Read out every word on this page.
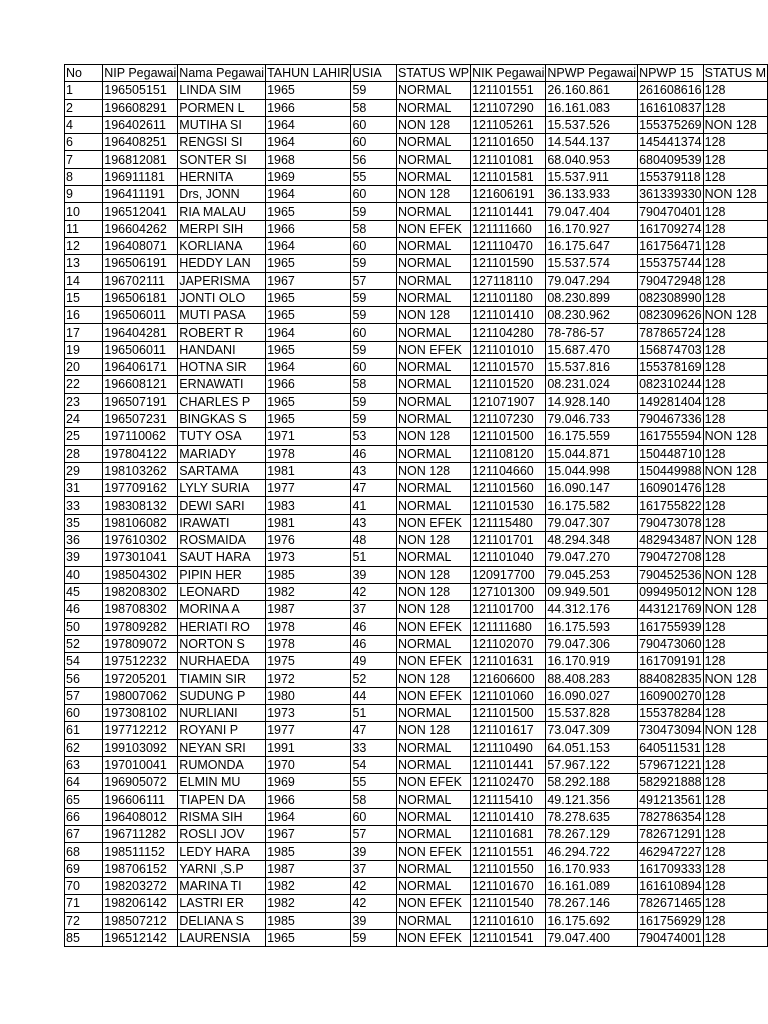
No	NIP Pegawai	Nama Pegawai	TAHUN LAHIR	USIA	STATUS WP	NIK Pegawai	NPWP Pegawai	NPWP 15	STATUS M
1	196505151	LINDA SIM	1965	59	NORMAL	121101551	26.160.861	261608616	128
2	196608291	PORMEN L	1966	58	NORMAL	121107290	16.161.083	161610837	128
4	196402611	MUTIHA SI	1964	60	NON 128	121105261	15.537.526	155375269	NON 128
6	196408251	RENGSI SI	1964	60	NORMAL	121101650	14.544.137	145441374	128
7	196812081	SONTER SI	1968	56	NORMAL	121101081	68.040.953	680409539	128
8	196911181	HERNITA	1969	55	NORMAL	121101581	15.537.911	155379118	128
9	196411191	Drs, JONN	1964	60	NON 128	121606191	36.133.933	361339330	NON 128
10	196512041	RIA MALAU	1965	59	NORMAL	121101441	79.047.404	790470401	128
11	196604262	MERPI SIH	1966	58	NON EFEK	121111660	16.170.927	161709274	128
12	196408071	KORLIANA	1964	60	NORMAL	121110470	16.175.647	161756471	128
13	196506191	HEDDY LAN	1965	59	NORMAL	121101590	15.537.574	155375744	128
14	196702111	JAPERISMA	1967	57	NORMAL	127118110	79.047.294	790472948	128
15	196506181	JONTI OLO	1965	59	NORMAL	121101180	08.230.899	082308990	128
16	196506011	MUTI PASA	1965	59	NON 128	121101410	08.230.962	082309626	NON 128
17	196404281	ROBERT R	1964	60	NORMAL	121104280	78-786-57	787865724	128
19	196506011	HANDANI	1965	59	NON EFEK	121101010	15.687.470	156874703	128
20	196406171	HOTNA SIR	1964	60	NORMAL	121101570	15.537.816	155378169	128
22	196608121	ERNAWATI	1966	58	NORMAL	121101520	08.231.024	082310244	128
23	196507191	CHARLES P	1965	59	NORMAL	121071907	14.928.140	149281404	128
24	196507231	BINGKAS S	1965	59	NORMAL	121107230	79.046.733	790467336	128
25	197110062	TUTY OSA	1971	53	NON 128	121101500	16.175.559	161755594	NON 128
28	197804122	MARIADY	1978	46	NORMAL	121108120	15.044.871	150448710	128
29	198103262	SARTAMA	1981	43	NON 128	121104660	15.044.998	150449988	NON 128
31	197709162	LYLY SURIA	1977	47	NORMAL	121101560	16.090.147	160901476	128
33	198308132	DEWI SARI	1983	41	NORMAL	121101530	16.175.582	161755822	128
35	198106082	IRAWATI	1981	43	NON EFEK	121115480	79.047.307	790473078	128
36	197610302	ROSMAIDA	1976	48	NON 128	121101701	48.294.348	482943487	NON 128
39	197301041	SAUT HARA	1973	51	NORMAL	121101040	79.047.270	790472708	128
40	198504302	PIPIN HER	1985	39	NON 128	120917700	79.045.253	790452536	NON 128
45	198208302	LEONARD	1982	42	NON 128	127101300	09.949.501	099495012	NON 128
46	198708302	MORINA A	1987	37	NON 128	121101700	44.312.176	443121769	NON 128
50	197809282	HERIATI RO	1978	46	NON EFEK	121111680	16.175.593	161755939	128
52	197809072	NORTON S	1978	46	NORMAL	121102070	79.047.306	790473060	128
54	197512232	NURHAEDA	1975	49	NON EFEK	121101631	16.170.919	161709191	128
56	197205201	TIAMIN SIR	1972	52	NON 128	121606600	88.408.283	884082835	NON 128
57	198007062	SUDUNG P	1980	44	NON EFEK	121101060	16.090.027	160900270	128
60	197308102	NURLIANI	1973	51	NORMAL	121101500	15.537.828	155378284	128
61	197712212	ROYANI P	1977	47	NON 128	121101617	73.047.309	730473094	NON 128
62	199103092	NEYAN SRI	1991	33	NORMAL	121110490	64.051.153	640511531	128
63	197010041	RUMONDA	1970	54	NORMAL	121101441	57.967.122	579671221	128
64	196905072	ELMIN MU	1969	55	NON EFEK	121102470	58.292.188	582921888	128
65	196606111	TIAPEN DA	1966	58	NORMAL	121115410	49.121.356	491213561	128
66	196408012	RISMA SIH	1964	60	NORMAL	121101410	78.278.635	782786354	128
67	196711282	ROSLI JOV	1967	57	NORMAL	121101681	78.267.129	782671291	128
68	198511152	LEDY HARA	1985	39	NON EFEK	121101551	46.294.722	462947227	128
69	198706152	YARNI ,S.P	1987	37	NORMAL	121101550	16.170.933	161709333	128
70	198203272	MARINA TI	1982	42	NORMAL	121101670	16.161.089	161610894	128
71	198206142	LASTRI ER	1982	42	NON EFEK	121101540	78.267.146	782671465	128
72	198507212	DELIANA S	1985	39	NORMAL	121101610	16.175.692	161756929	128
85	196512142	LAURENSIA	1965	59	NON EFEK	121101541	79.047.400	790474001	128
